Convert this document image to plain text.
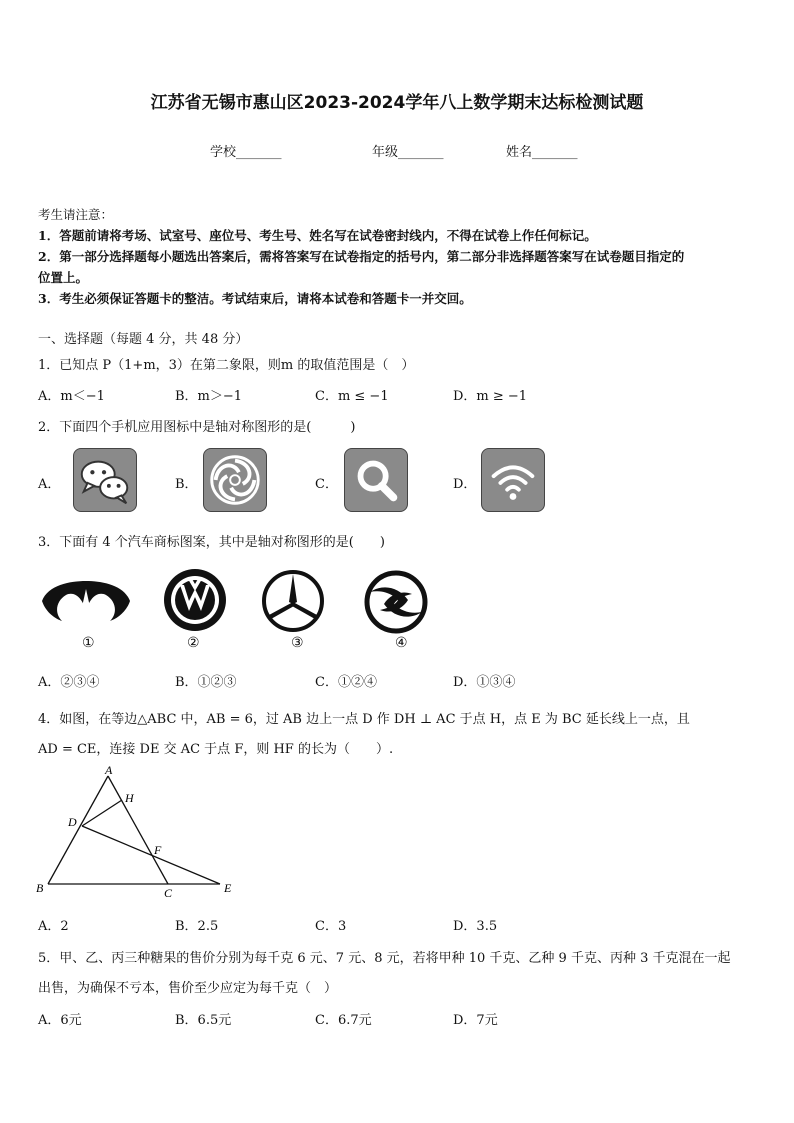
江苏省无锡市惠山区2023-2024学年八上数学期末达标检测试题
学校_______	年级_______	姓名_______
考生请注意：
1．答题前请将考场、试室号、座位号、考生号、姓名写在试卷密封线内，不得在试卷上作任何标记。
2．第一部分选择题每小题选出答案后，需将答案写在试卷指定的括号内，第二部分非选择题答案写在试卷题目指定的
位置上。
3．考生必须保证答题卡的整洁。考试结束后，请将本试卷和答题卡一并交回。
一、选择题（每题 4 分，共 48 分）
1．已知点 P（1+m，3）在第二象限，则m 的取值范围是（　）
A．m＜−1	B．m＞−1	C．m ≤ −1	D．m ≥ −1
2．下面四个手机应用图标中是轴对称图形的是(　　　)
A．	B．	C．	D．
3．下面有 4 个汽车商标图案，其中是轴对称图形的是(　　)
①	②	③	④
A．②③④	B．①②③	C．①②④	D．①③④
4．如图，在等边△ABC 中，AB = 6，过 AB 边上一点 D 作 DH ⊥ AC 于点 H，点 E 为 BC 延长线上一点，且
AD = CE，连接 DE 交 AC 于点 F，则 HF 的长为（　　）.
A
H
D
F
B	C	E
A．2	B．2.5	C．3	D．3.5
5．甲、乙、丙三种糖果的售价分别为每千克 6 元、7 元、8 元，若将甲种 10 千克、乙种 9 千克、丙种 3 千克混在一起
出售，为确保不亏本，售价至少应定为每千克（　）
A．6元	B．6.5元	C．6.7元	D．7元
